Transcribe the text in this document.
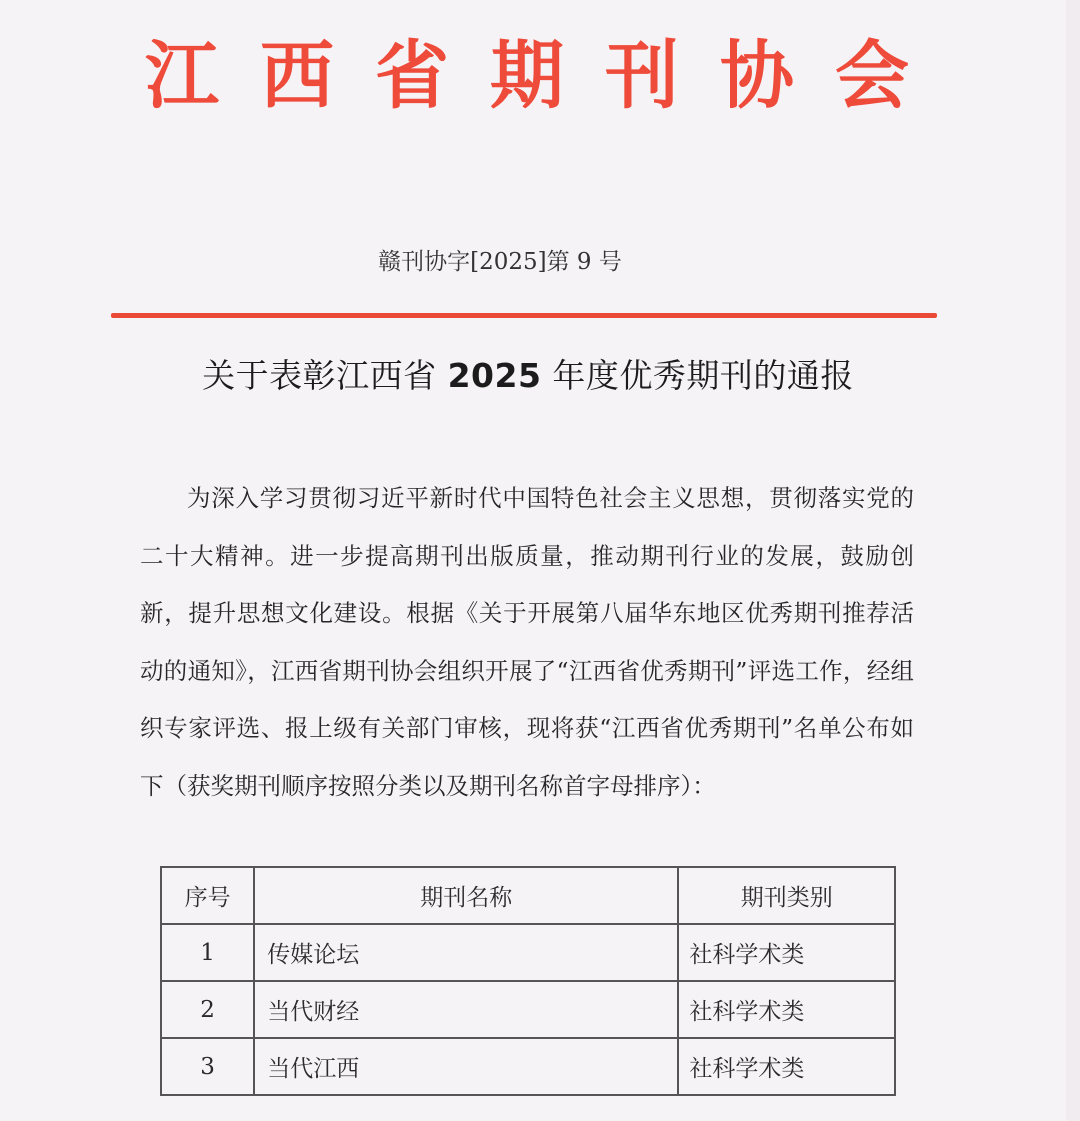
江 西 省 期 刊 协 会
赣刊协字[2025]第 9 号
关于表彰江西省 2025 年度优秀期刊的通报

为深入学习贯彻习近平新时代中国特色社会主义思想，贯彻落实党的二十大精神。进一步提高期刊出版质量，推动期刊行业的发展，鼓励创新，提升思想文化建设。根据《关于开展第八届华东地区优秀期刊推荐活动的通知》，江西省期刊协会组织开展了“江西省优秀期刊”评选工作，经组织专家评选、报上级有关部门审核，现将获“江西省优秀期刊”名单公布如下（获奖期刊顺序按照分类以及期刊名称首字母排序）：

序号	期刊名称	期刊类别
1	传媒论坛	社科学术类
2	当代财经	社科学术类
3	当代江西	社科学术类
